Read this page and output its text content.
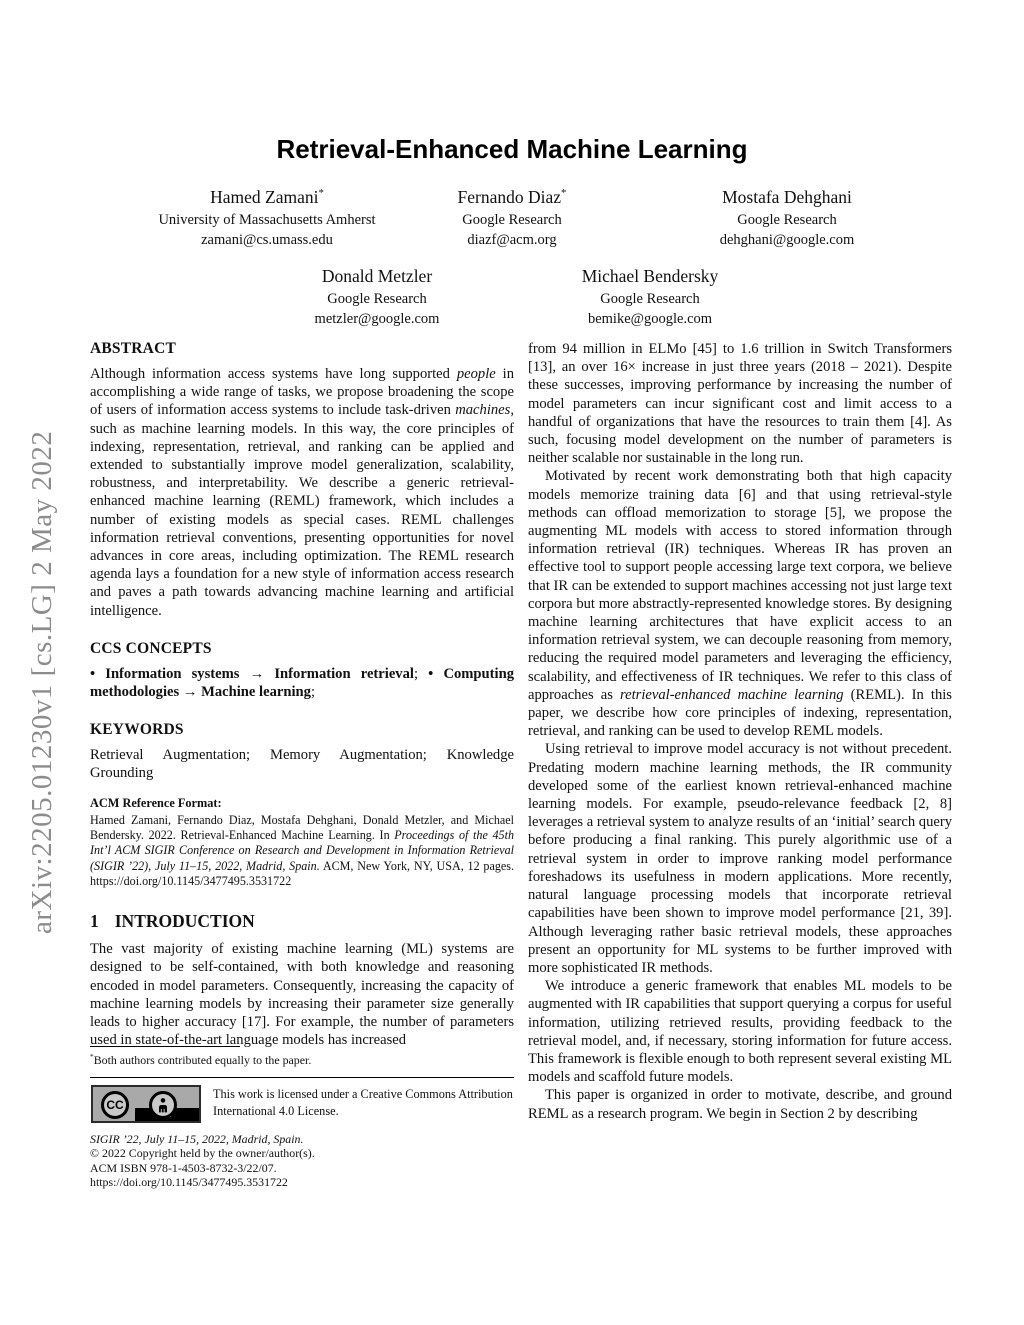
arXiv:2205.01230v1 [cs.LG] 2 May 2022
Retrieval-Enhanced Machine Learning
Hamed Zamani*
University of Massachusetts Amherst
zamani@cs.umass.edu
Fernando Diaz*
Google Research
diazf@acm.org
Mostafa Dehghani
Google Research
dehghani@google.com
Donald Metzler
Google Research
metzler@google.com
Michael Bendersky
Google Research
bemike@google.com
ABSTRACT

Although information access systems have long supported people in accomplishing a wide range of tasks, we propose broadening the scope of users of information access systems to include task-driven machines, such as machine learning models. In this way, the core principles of indexing, representation, retrieval, and ranking can be applied and extended to substantially improve model generalization, scalability, robustness, and interpretability. We describe a generic retrieval-enhanced machine learning (REML) framework, which includes a number of existing models as special cases. REML challenges information retrieval conventions, presenting opportunities for novel advances in core areas, including optimization. The REML research agenda lays a foundation for a new style of information access research and paves a path towards advancing machine learning and artificial intelligence.

CCS CONCEPTS

• Information systems → Information retrieval; • Computing methodologies → Machine learning;

KEYWORDS

Retrieval Augmentation; Memory Augmentation; Knowledge Grounding

ACM Reference Format:

Hamed Zamani, Fernando Diaz, Mostafa Dehghani, Donald Metzler, and Michael Bendersky. 2022. Retrieval-Enhanced Machine Learning. In Proceedings of the 45th Int’l ACM SIGIR Conference on Research and Development in Information Retrieval (SIGIR ’22), July 11–15, 2022, Madrid, Spain. ACM, New York, NY, USA, 12 pages. https://doi.org/10.1145/3477495.3531722

1 INTRODUCTION

The vast majority of existing machine learning (ML) systems are designed to be self-contained, with both knowledge and reasoning encoded in model parameters. Consequently, increasing the capacity of machine learning models by increasing their parameter size generally leads to higher accuracy [17]. For example, the number of parameters used in state-of-the-art language models has increased

from 94 million in ELMo [45] to 1.6 trillion in Switch Transformers [13], an over 16× increase in just three years (2018 – 2021). Despite these successes, improving performance by increasing the number of model parameters can incur significant cost and limit access to a handful of organizations that have the resources to train them [4]. As such, focusing model development on the number of parameters is neither scalable nor sustainable in the long run.

Motivated by recent work demonstrating both that high capacity models memorize training data [6] and that using retrieval-style methods can offload memorization to storage [5], we propose the augmenting ML models with access to stored information through information retrieval (IR) techniques. Whereas IR has proven an effective tool to support people accessing large text corpora, we believe that IR can be extended to support machines accessing not just large text corpora but more abstractly-represented knowledge stores. By designing machine learning architectures that have explicit access to an information retrieval system, we can decouple reasoning from memory, reducing the required model parameters and leveraging the efficiency, scalability, and effectiveness of IR techniques. We refer to this class of approaches as retrieval-enhanced machine learning (REML). In this paper, we describe how core principles of indexing, representation, retrieval, and ranking can be used to develop REML models.

Using retrieval to improve model accuracy is not without precedent. Predating modern machine learning methods, the IR community developed some of the earliest known retrieval-enhanced machine learning models. For example, pseudo-relevance feedback [2, 8] leverages a retrieval system to analyze results of an ‘initial’ search query before producing a final ranking. This purely algorithmic use of a retrieval system in order to improve ranking model performance foreshadows its usefulness in modern applications. More recently, natural language processing models that incorporate retrieval capabilities have been shown to improve model performance [21, 39]. Although leveraging rather basic retrieval models, these approaches present an opportunity for ML systems to be further improved with more sophisticated IR methods.

We introduce a generic framework that enables ML models to be augmented with IR capabilities that support querying a corpus for useful information, utilizing retrieved results, providing feedback to the retrieval model, and, if necessary, storing information for future access. This framework is flexible enough to both represent several existing ML models and scaffold future models.

This paper is organized in order to motivate, describe, and ground REML as a research program. We begin in Section 2 by describing

*Both authors contributed equally to the paper.
CC
This work is licensed under a Creative Commons Attribution International 4.0 License.
SIGIR ’22, July 11–15, 2022, Madrid, Spain.
© 2022 Copyright held by the owner/author(s).
ACM ISBN 978-1-4503-8732-3/22/07.
https://doi.org/10.1145/3477495.3531722
